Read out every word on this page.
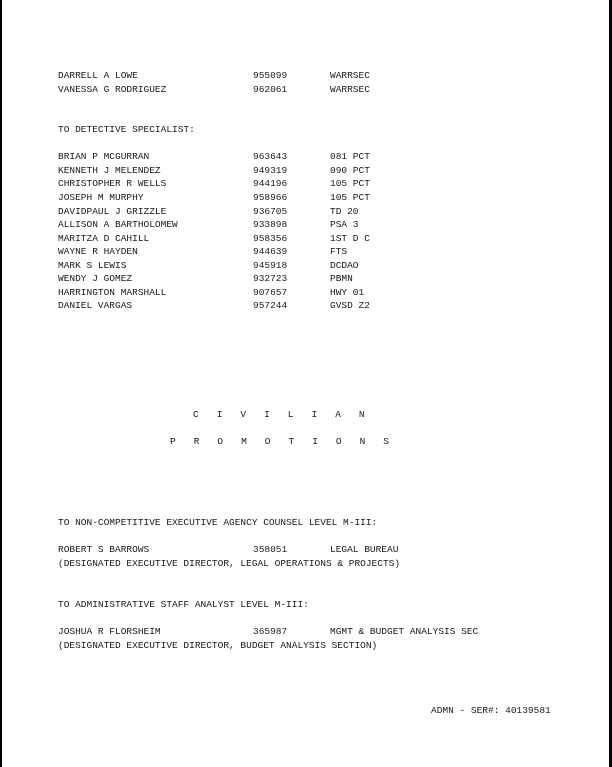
DARRELL A LOWE	955099	WARRSEC

VANESSA G RODRIGUEZ	962061	WARRSEC

TO DETECTIVE SPECIALIST:

BRIAN P MCGURRAN	963643	081 PCT

KENNETH J MELENDEZ	949319	090 PCT

CHRISTOPHER R WELLS	944196	105 PCT

JOSEPH M MURPHY	958966	105 PCT

DAVIDPAUL J GRIZZLE	936705	TD 20

ALLISON A BARTHOLOMEW	933898	PSA 3

MARITZA D CAHILL	958356	1ST D C

WAYNE R HAYDEN	944639	FTS

MARK S LEWIS	945918	DCDAO

WENDY J GOMEZ	932723	PBMN

HARRINGTON MARSHALL	907657	HWY 01

DANIEL VARGAS	957244	GVSD Z2

CIVILIAN

PROMOTIONS

TO NON-COMPETITIVE EXECUTIVE AGENCY COUNSEL LEVEL M-III:

ROBERT S BARROWS	358051	LEGAL BUREAU

(DESIGNATED EXECUTIVE DIRECTOR, LEGAL OPERATIONS & PROJECTS)

TO ADMINISTRATIVE STAFF ANALYST LEVEL M-III:

JOSHUA R FLORSHEIM	365987	MGMT & BUDGET ANALYSIS SEC

(DESIGNATED EXECUTIVE DIRECTOR, BUDGET ANALYSIS SECTION)

ADMN - SER#: 40139581
